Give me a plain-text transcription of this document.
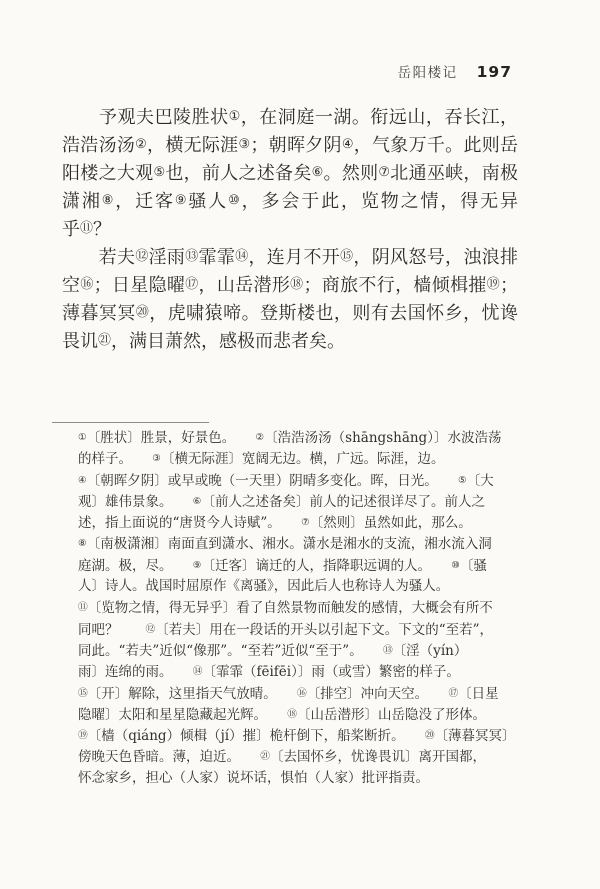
岳阳楼记 197
　　予观夫巴陵胜状①，在洞庭一湖。衔远山，吞长江，
浩浩汤汤②，横无际涯③；朝晖夕阴④，气象万千。此则岳
阳楼之大观⑤也，前人之述备矣⑥。然则⑦北通巫峡，南极
潇湘⑧，迁客⑨骚人⑩，多会于此，览物之情，得无异
乎⑪？
　　若夫⑫淫雨⑬霏霏⑭，连月不开⑮，阴风怒号，浊浪排
空⑯；日星隐曜⑰，山岳潜形⑱；商旅不行，樯倾楫摧⑲；
薄暮冥冥⑳，虎啸猿啼。登斯楼也，则有去国怀乡，忧谗
畏讥㉑，满目萧然，感极而悲者矣。
①〔胜状〕胜景，好景色。　　②〔浩浩汤汤（shāngshāng）〕水波浩荡
的样子。　　③〔横无际涯〕宽阔无边。横，广远。际涯，边。
④〔朝晖夕阴〕或早或晚（一天里）阴晴多变化。晖，日光。　　⑤〔大
观〕雄伟景象。　　⑥〔前人之述备矣〕前人的记述很详尽了。前人之
述，指上面说的“唐贤今人诗赋”。　　⑦〔然则〕虽然如此，那么。
⑧〔南极潇湘〕南面直到潇水、湘水。潇水是湘水的支流，湘水流入洞
庭湖。极，尽。　　⑨〔迁客〕谪迁的人，指降职远调的人。　　⑩〔骚
人〕诗人。战国时屈原作《离骚》，因此后人也称诗人为骚人。
⑪〔览物之情，得无异乎〕看了自然景物而触发的感情，大概会有所不
同吧？　　⑫〔若夫〕用在一段话的开头以引起下文。下文的“至若”，
同此。“若夫”近似“像那”。“至若”近似“至于”。　　⑬〔淫（yín）
雨〕连绵的雨。　　⑭〔霏霏（fēifēi）〕雨（或雪）繁密的样子。
⑮〔开〕解除，这里指天气放晴。　　⑯〔排空〕冲向天空。　　⑰〔日星
隐曜〕太阳和星星隐藏起光辉。　　⑱〔山岳潜形〕山岳隐没了形体。
⑲〔樯（qiáng）倾楫（jí）摧〕桅杆倒下，船桨断折。　　⑳〔薄暮冥冥〕
傍晚天色昏暗。薄，迫近。　　㉑〔去国怀乡，忧谗畏讥〕离开国都，
怀念家乡，担心（人家）说坏话，惧怕（人家）批评指责。
